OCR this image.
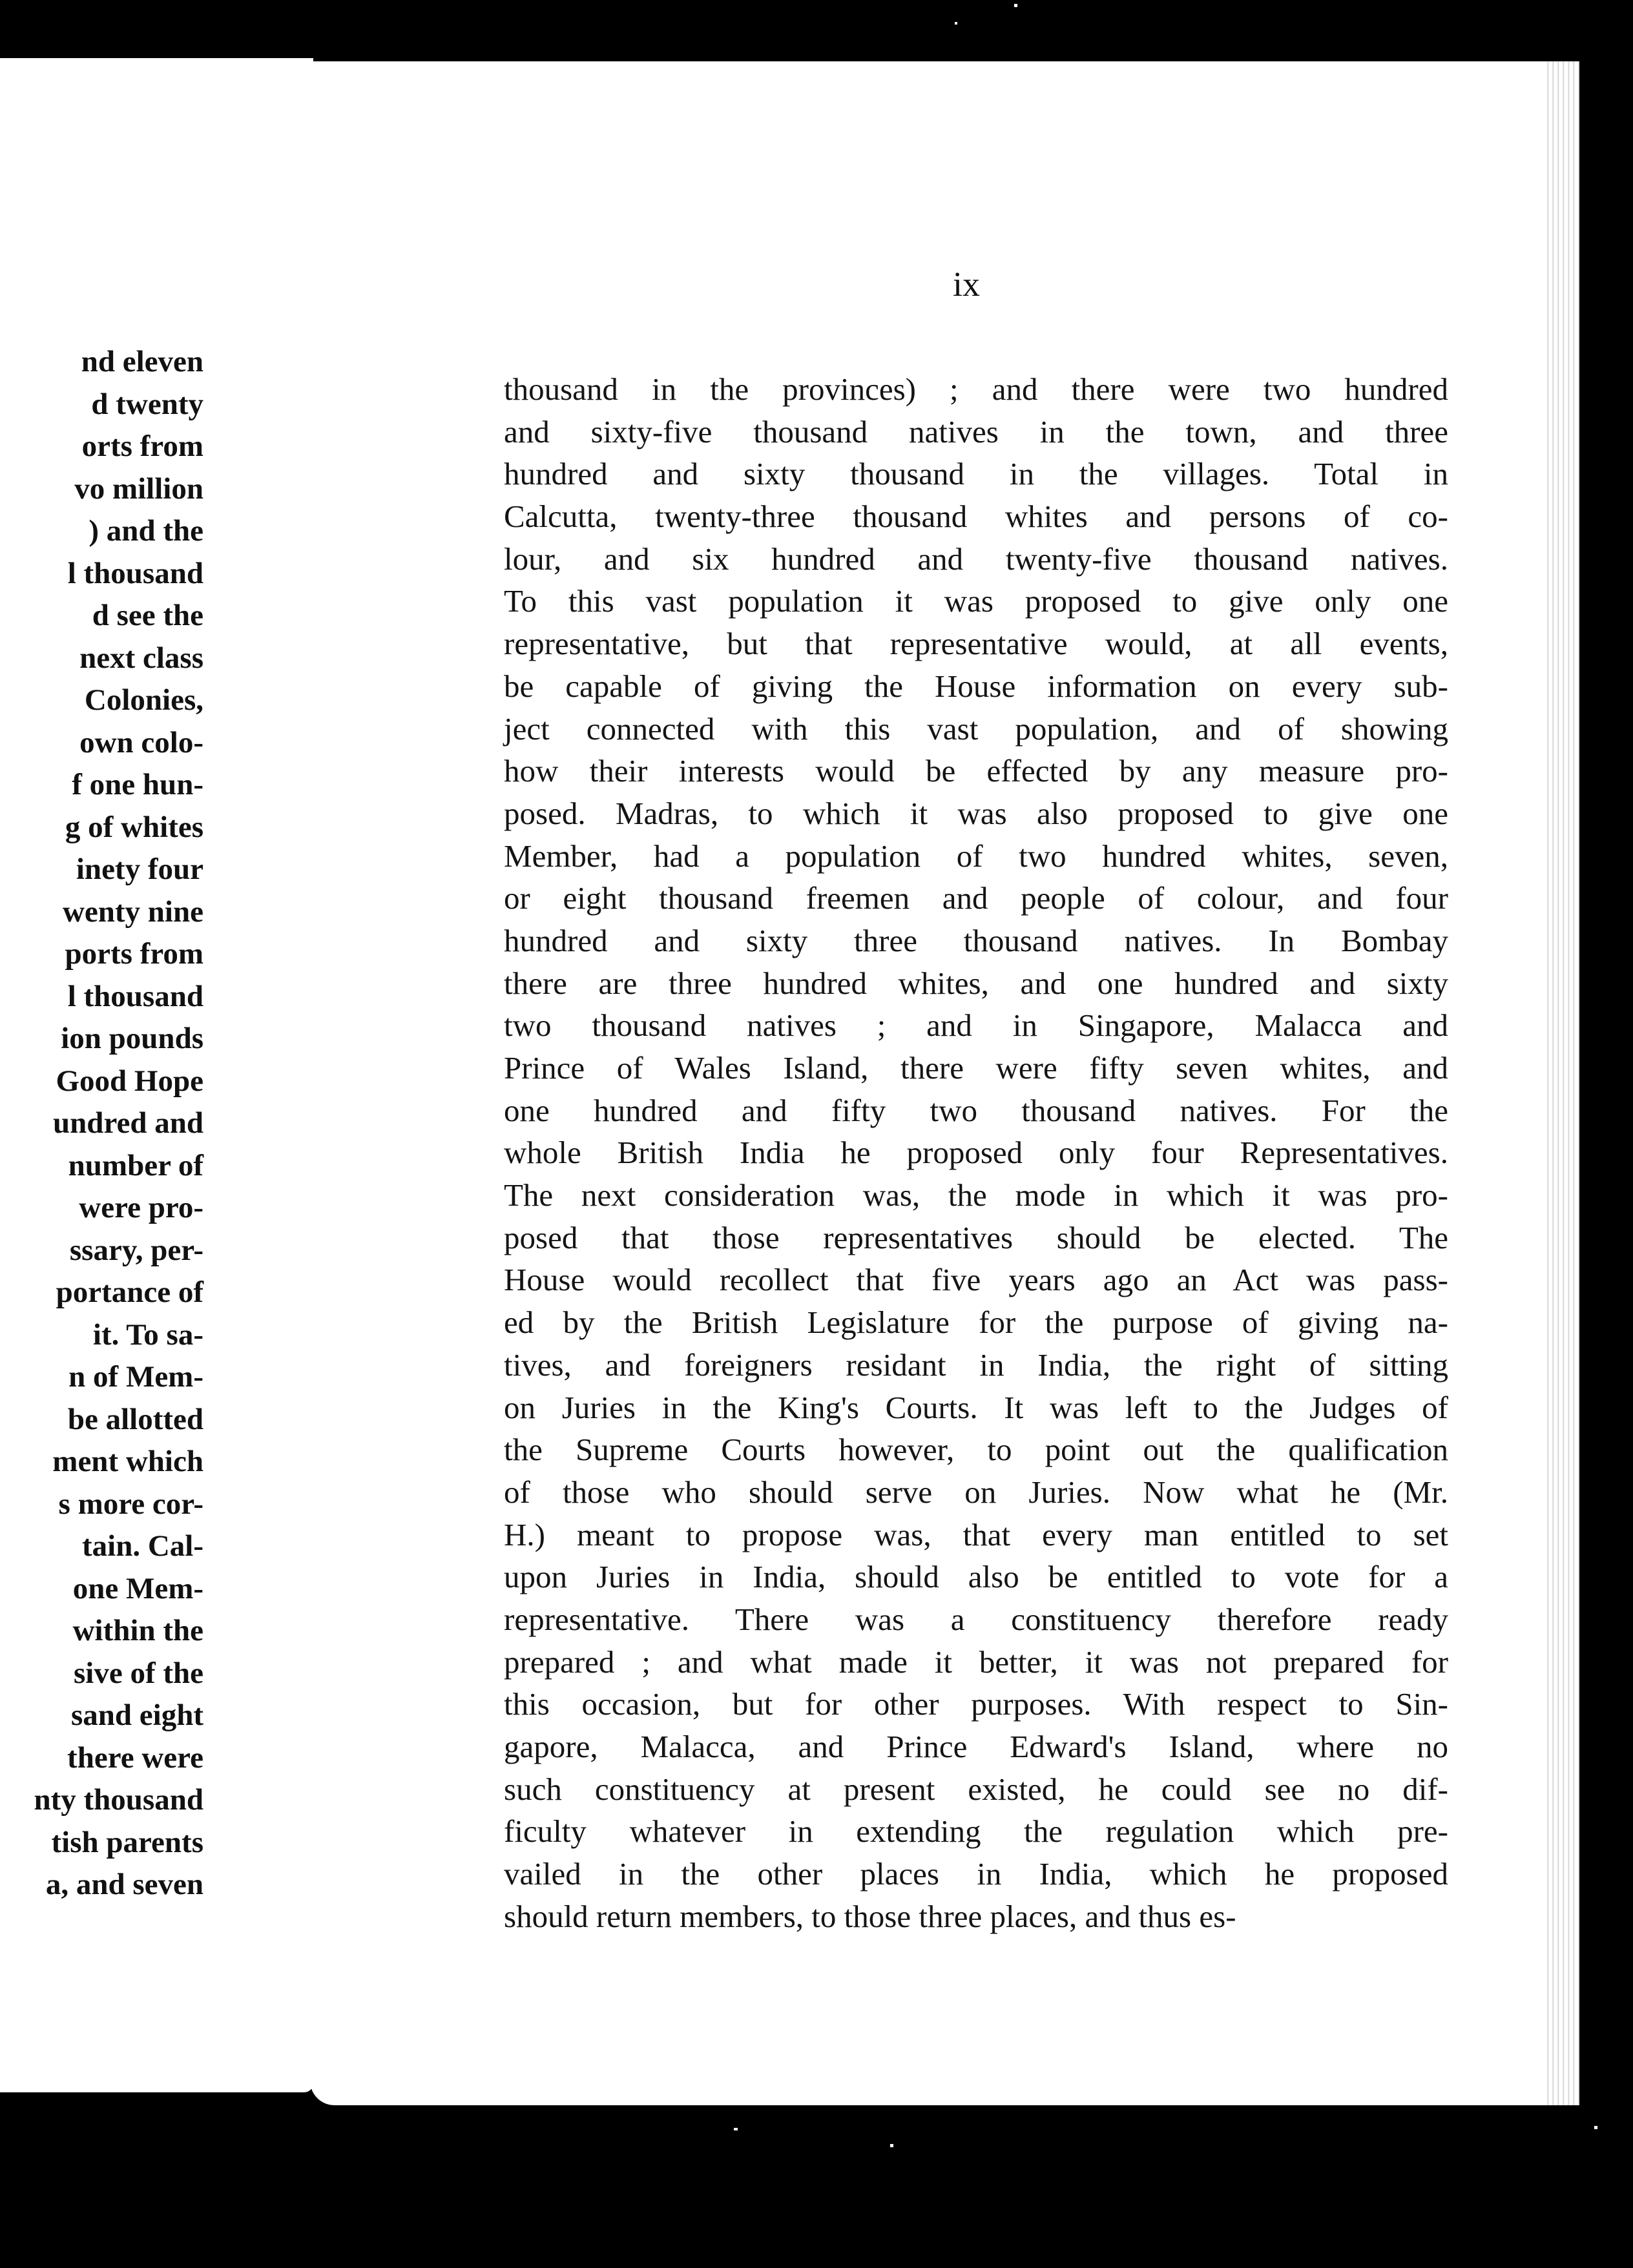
nd eleven

d twenty

orts from

vo million

) and the

l thousand

d see the

next class

Colonies,

own colo-

f one hun-

g of whites

inety four

wenty nine

ports from

l thousand

ion pounds

Good Hope

undred and

number of

were pro-

ssary, per-

portance of

it. To sa-

n of Mem-

be allotted

ment which

s more cor-

tain. Cal-

one Mem-

within the

sive of the

sand eight

there were

nty thousand

tish parents

a, and seven

ix

thousand in the provinces) ; and there were two hundred

and sixty-five thousand natives in the town, and three

hundred and sixty thousand in the villages. Total in

Calcutta, twenty-three thousand whites and persons of co-

lour, and six hundred and twenty-five thousand natives.

To this vast population it was proposed to give only one

representative, but that representative would, at all events,

be capable of giving the House information on every sub-

ject connected with this vast population, and of showing

how their interests would be effected by any measure pro-

posed. Madras, to which it was also proposed to give one

Member, had a population of two hundred whites, seven,

or eight thousand freemen and people of colour, and four

hundred and sixty three thousand natives. In Bombay

there are three hundred whites, and one hundred and sixty

two thousand natives ; and in Singapore, Malacca and

Prince of Wales Island, there were fifty seven whites, and

one hundred and fifty two thousand natives. For the

whole British India he proposed only four Representatives.

The next consideration was, the mode in which it was pro-

posed that those representatives should be elected. The

House would recollect that five years ago an Act was pass-

ed by the British Legislature for the purpose of giving na-

tives, and foreigners residant in India, the right of sitting

on Juries in the King's Courts. It was left to the Judges of

the Supreme Courts however, to point out the qualification

of those who should serve on Juries. Now what he (Mr.

H.) meant to propose was, that every man entitled to set

upon Juries in India, should also be entitled to vote for a

representative. There was a constituency therefore ready

prepared ; and what made it better, it was not prepared for

this occasion, but for other purposes. With respect to Sin-

gapore, Malacca, and Prince Edward's Island, where no

such constituency at present existed, he could see no dif-

ficulty whatever in extending the regulation which pre-

vailed in the other places in India, which he proposed

should return members, to those three places, and thus es-
